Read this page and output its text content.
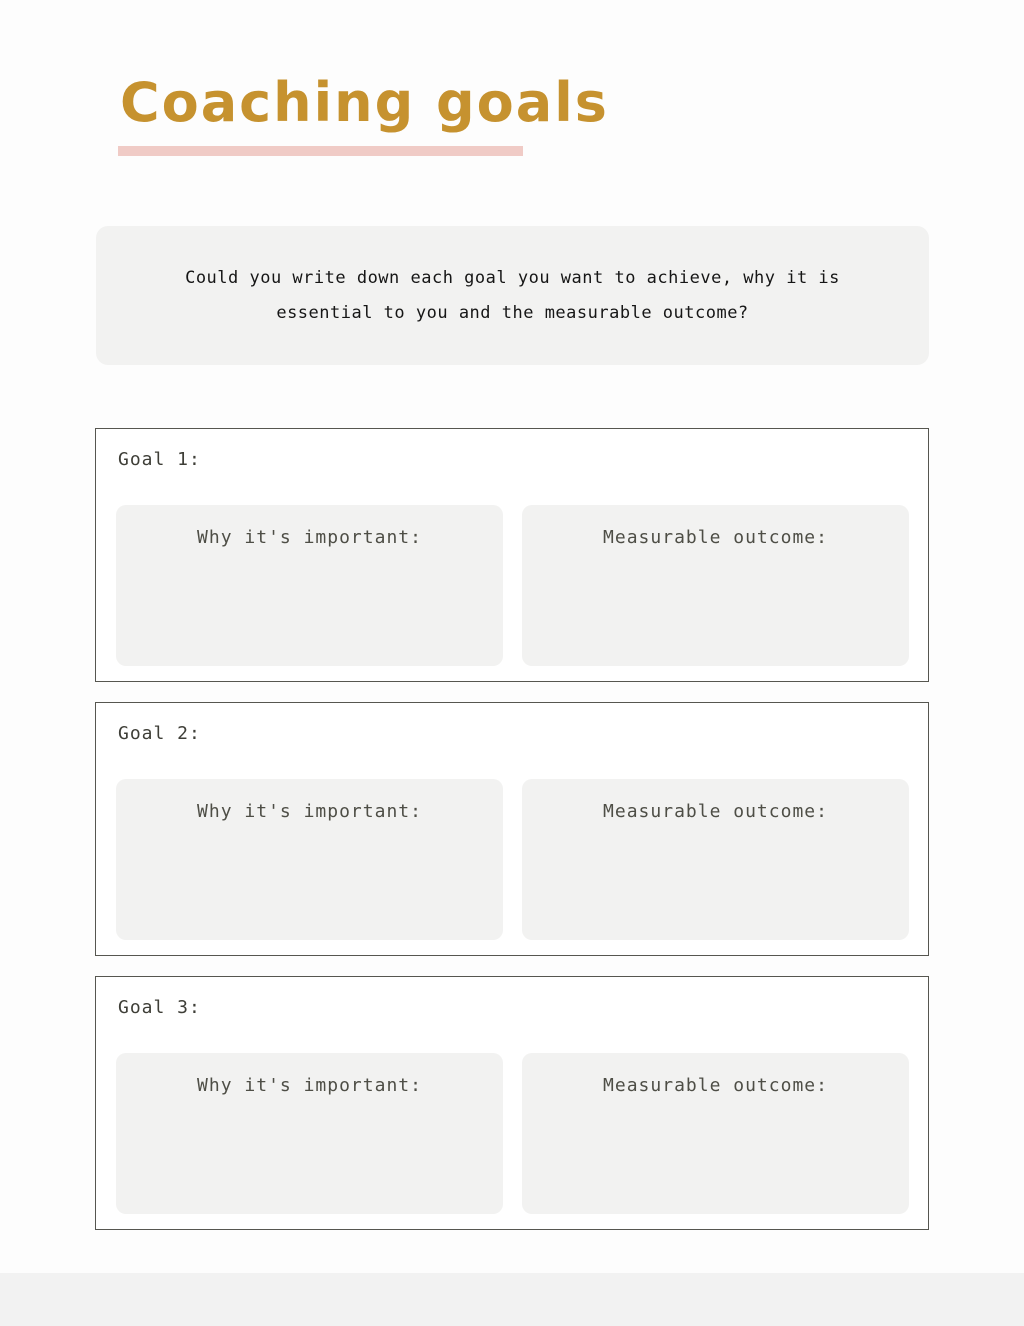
Coaching goals
Could you write down each goal you want to achieve, why it is
essential to you and the measurable outcome?
Goal 1:
Why it's important:	Measurable outcome:
Goal 2:
Why it's important:	Measurable outcome:
Goal 3:
Why it's important:	Measurable outcome:
